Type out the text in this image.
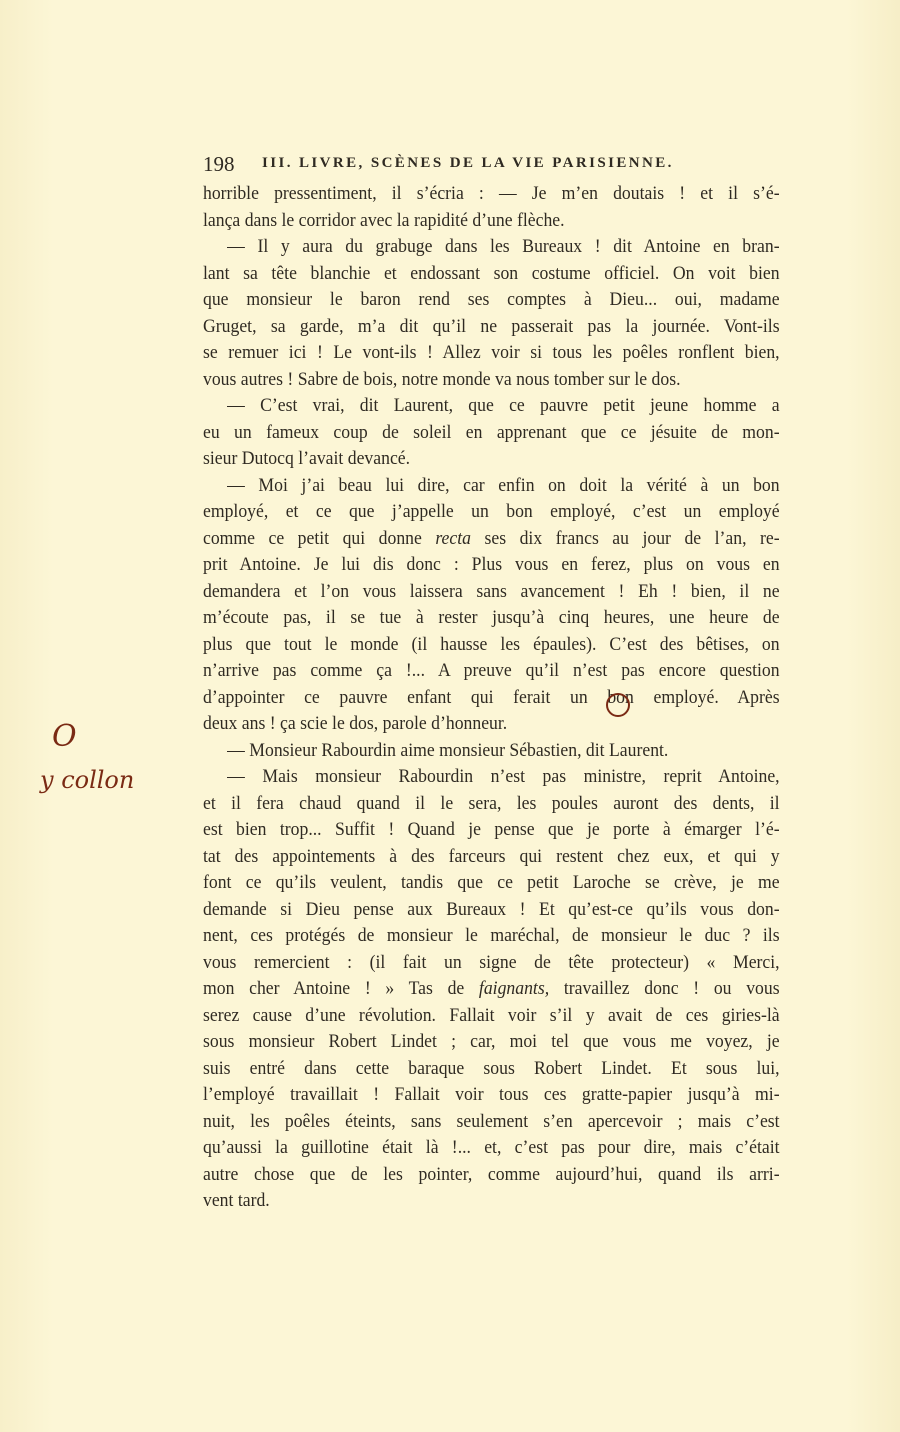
198 III. LIVRE, SCÈNES DE LA VIE PARISIENNE.
horrible pressentiment, il s’écria : — Je m’en doutais ! et il s’é-
lança dans le corridor avec la rapidité d’une flèche.
— Il y aura du grabuge dans les Bureaux ! dit Antoine en bran-
lant sa tête blanchie et endossant son costume officiel. On voit bien
que monsieur le baron rend ses comptes à Dieu... oui, madame
Gruget, sa garde, m’a dit qu’il ne passerait pas la journée. Vont-ils
se remuer ici ! Le vont-ils ! Allez voir si tous les poêles ronflent bien,
vous autres ! Sabre de bois, notre monde va nous tomber sur le dos.
— C’est vrai, dit Laurent, que ce pauvre petit jeune homme a
eu un fameux coup de soleil en apprenant que ce jésuite de mon-
sieur Dutocq l’avait devancé.
— Moi j’ai beau lui dire, car enfin on doit la vérité à un bon
employé, et ce que j’appelle un bon employé, c’est un employé
comme ce petit qui donne recta ses dix francs au jour de l’an, re-
prit Antoine. Je lui dis donc : Plus vous en ferez, plus on vous en
demandera et l’on vous laissera sans avancement ! Eh ! bien, il ne
m’écoute pas, il se tue à rester jusqu’à cinq heures, une heure de
plus que tout le monde (il hausse les épaules). C’est des bêtises, on
n’arrive pas comme ça !... A preuve qu’il n’est pas encore question
d’appointer ce pauvre enfant qui ferait un bon employé. Après
deux ans ! ça scie le dos, parole d’honneur.
— Monsieur Rabourdin aime monsieur Sébastien, dit Laurent.
— Mais monsieur Rabourdin n’est pas ministre, reprit Antoine,
et il fera chaud quand il le sera, les poules auront des dents, il
est bien trop... Suffit ! Quand je pense que je porte à émarger l’é-
tat des appointements à des farceurs qui restent chez eux, et qui y
font ce qu’ils veulent, tandis que ce petit Laroche se crève, je me
demande si Dieu pense aux Bureaux ! Et qu’est-ce qu’ils vous don-
nent, ces protégés de monsieur le maréchal, de monsieur le duc ? ils
vous remercient : (il fait un signe de tête protecteur) « Merci,
mon cher Antoine ! » Tas de faignants, travaillez donc ! ou vous
serez cause d’une révolution. Fallait voir s’il y avait de ces giries-là
sous monsieur Robert Lindet ; car, moi tel que vous me voyez, je
suis entré dans cette baraque sous Robert Lindet. Et sous lui,
l’employé travaillait ! Fallait voir tous ces gratte-papier jusqu’à mi-
nuit, les poêles éteints, sans seulement s’en apercevoir ; mais c’est
qu’aussi la guillotine était là !... et, c’est pas pour dire, mais c’était
autre chose que de les pointer, comme aujourd’hui, quand ils arri-
vent tard.
O
y collon
